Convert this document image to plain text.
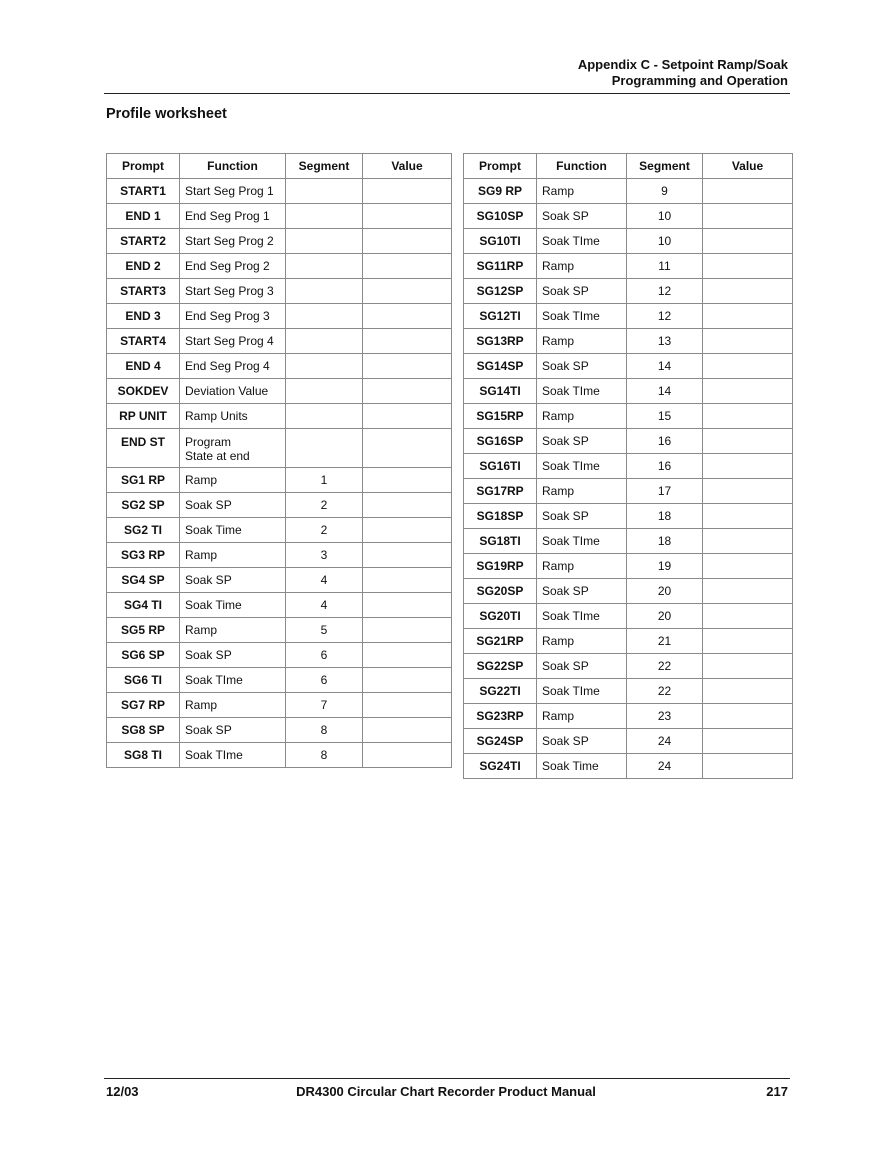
Appendix C - Setpoint Ramp/Soak
Programming and Operation
Profile worksheet
Prompt	Function	Segment	Value
START1	Start Seg Prog 1		
END 1	End Seg Prog 1		
START2	Start Seg Prog 2		
END 2	End Seg Prog 2		
START3	Start Seg Prog 3		
END 3	End Seg Prog 3		
START4	Start Seg Prog 4		
END 4	End Seg Prog 4		
SOKDEV	Deviation Value		
RP UNIT	Ramp Units		
END ST	Program
State at end		

SG1 RP	Ramp	1	
SG2 SP	Soak SP	2	
SG2 TI	Soak Time	2	
SG3 RP	Ramp	3	
SG4 SP	Soak SP	4	
SG4 TI	Soak Time	4	
SG5 RP	Ramp	5	
SG6 SP	Soak SP	6	
SG6 TI	Soak TIme	6	
SG7 RP	Ramp	7	
SG8 SP	Soak SP	8	
SG8 TI	Soak TIme	8	
Prompt	Function	Segment	Value
SG9 RP	Ramp	9	
SG10SP	Soak SP	10	
SG10TI	Soak TIme	10	
SG11RP	Ramp	11	
SG12SP	Soak SP	12	
SG12TI	Soak TIme	12	
SG13RP	Ramp	13	
SG14SP	Soak SP	14	
SG14TI	Soak TIme	14	
SG15RP	Ramp	15	
SG16SP	Soak SP	16	
SG16TI	Soak TIme	16	
SG17RP	Ramp	17	
SG18SP	Soak SP	18	
SG18TI	Soak TIme	18	
SG19RP	Ramp	19	
SG20SP	Soak SP	20	
SG20TI	Soak TIme	20	
SG21RP	Ramp	21	
SG22SP	Soak SP	22	
SG22TI	Soak TIme	22	
SG23RP	Ramp	23	
SG24SP	Soak SP	24	
SG24TI	Soak Time	24	
12/03	DR4300 Circular Chart Recorder Product Manual	217
